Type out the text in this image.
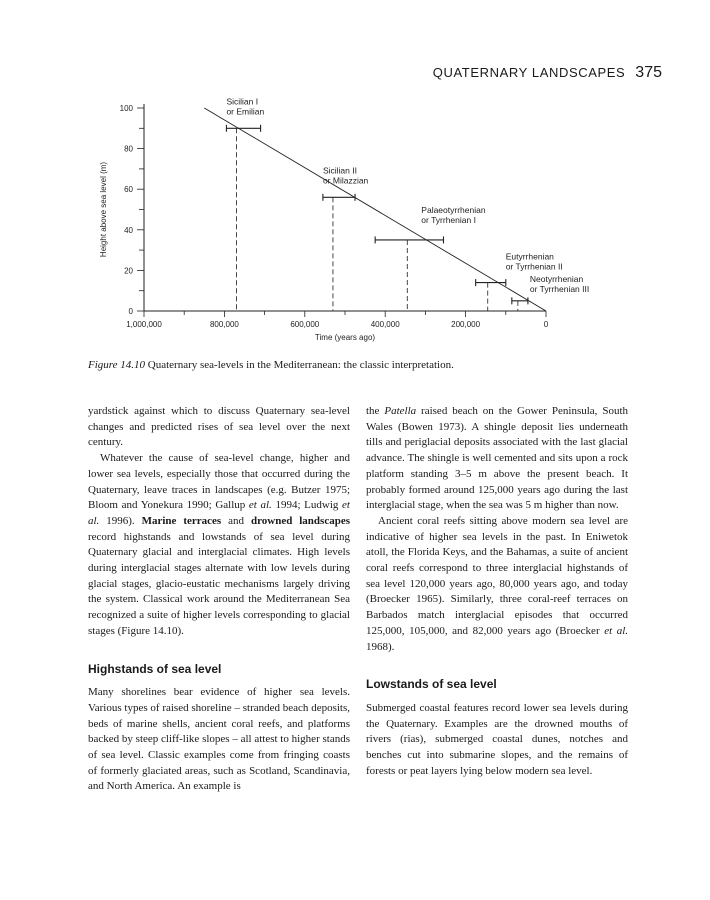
QUATERNARY LANDSCAPES 375
0
20
40
60
80
100
1,000,000	800,000	600,000	400,000	200,000	0
Time (years ago)
Height above sea level (m)
Sicilian I
or Emilian
Sicilian II
or Milazzian
Palaeotyrrhenian
or Tyrrhenian I
Eutyrrhenian
or Tyrrhenian II
Neotyrrhenian
or Tyrrhenian III
Figure 14.10 Quaternary sea-levels in the Mediterranean: the classic interpretation.

yardstick against which to discuss Quaternary sea-level changes and predicted rises of sea level over the next century.

Whatever the cause of sea-level change, higher and lower sea levels, especially those that occurred during the Quaternary, leave traces in landscapes (e.g. Butzer 1975; Bloom and Yonekura 1990; Gallup et al. 1994; Ludwig et al. 1996). Marine terraces and drowned landscapes record highstands and lowstands of sea level during Quaternary glacial and interglacial climates. High levels during interglacial stages alternate with low levels during glacial stages, glacio-eustatic mechanisms largely driving the system. Classical work around the Mediterranean Sea recognized a suite of higher levels corresponding to glacial stages (Figure 14.10).

Highstands of sea level

Many shorelines bear evidence of higher sea levels. Various types of raised shoreline – stranded beach deposits, beds of marine shells, ancient coral reefs, and platforms backed by steep cliff-like slopes – all attest to higher stands of sea level. Classic examples come from fringing coasts of formerly glaciated areas, such as Scotland, Scandinavia, and North America. An example is

the Patella raised beach on the Gower Peninsula, South Wales (Bowen 1973). A shingle deposit lies underneath tills and periglacial deposits associated with the last glacial advance. The shingle is well cemented and sits upon a rock platform standing 3–5 m above the present beach. It probably formed around 125,000 years ago during the last interglacial stage, when the sea was 5 m higher than now.

Ancient coral reefs sitting above modern sea level are indicative of higher sea levels in the past. In Eniwetok atoll, the Florida Keys, and the Bahamas, a suite of ancient coral reefs correspond to three interglacial highstands of sea level 120,000 years ago, 80,000 years ago, and today (Broecker 1965). Similarly, three coral-reef terraces on Barbados match interglacial episodes that occurred 125,000, 105,000, and 82,000 years ago (Broecker et al. 1968).

Lowstands of sea level

Submerged coastal features record lower sea levels during the Quaternary. Examples are the drowned mouths of rivers (rias), submerged coastal dunes, notches and benches cut into submarine slopes, and the remains of forests or peat layers lying below modern sea level.
